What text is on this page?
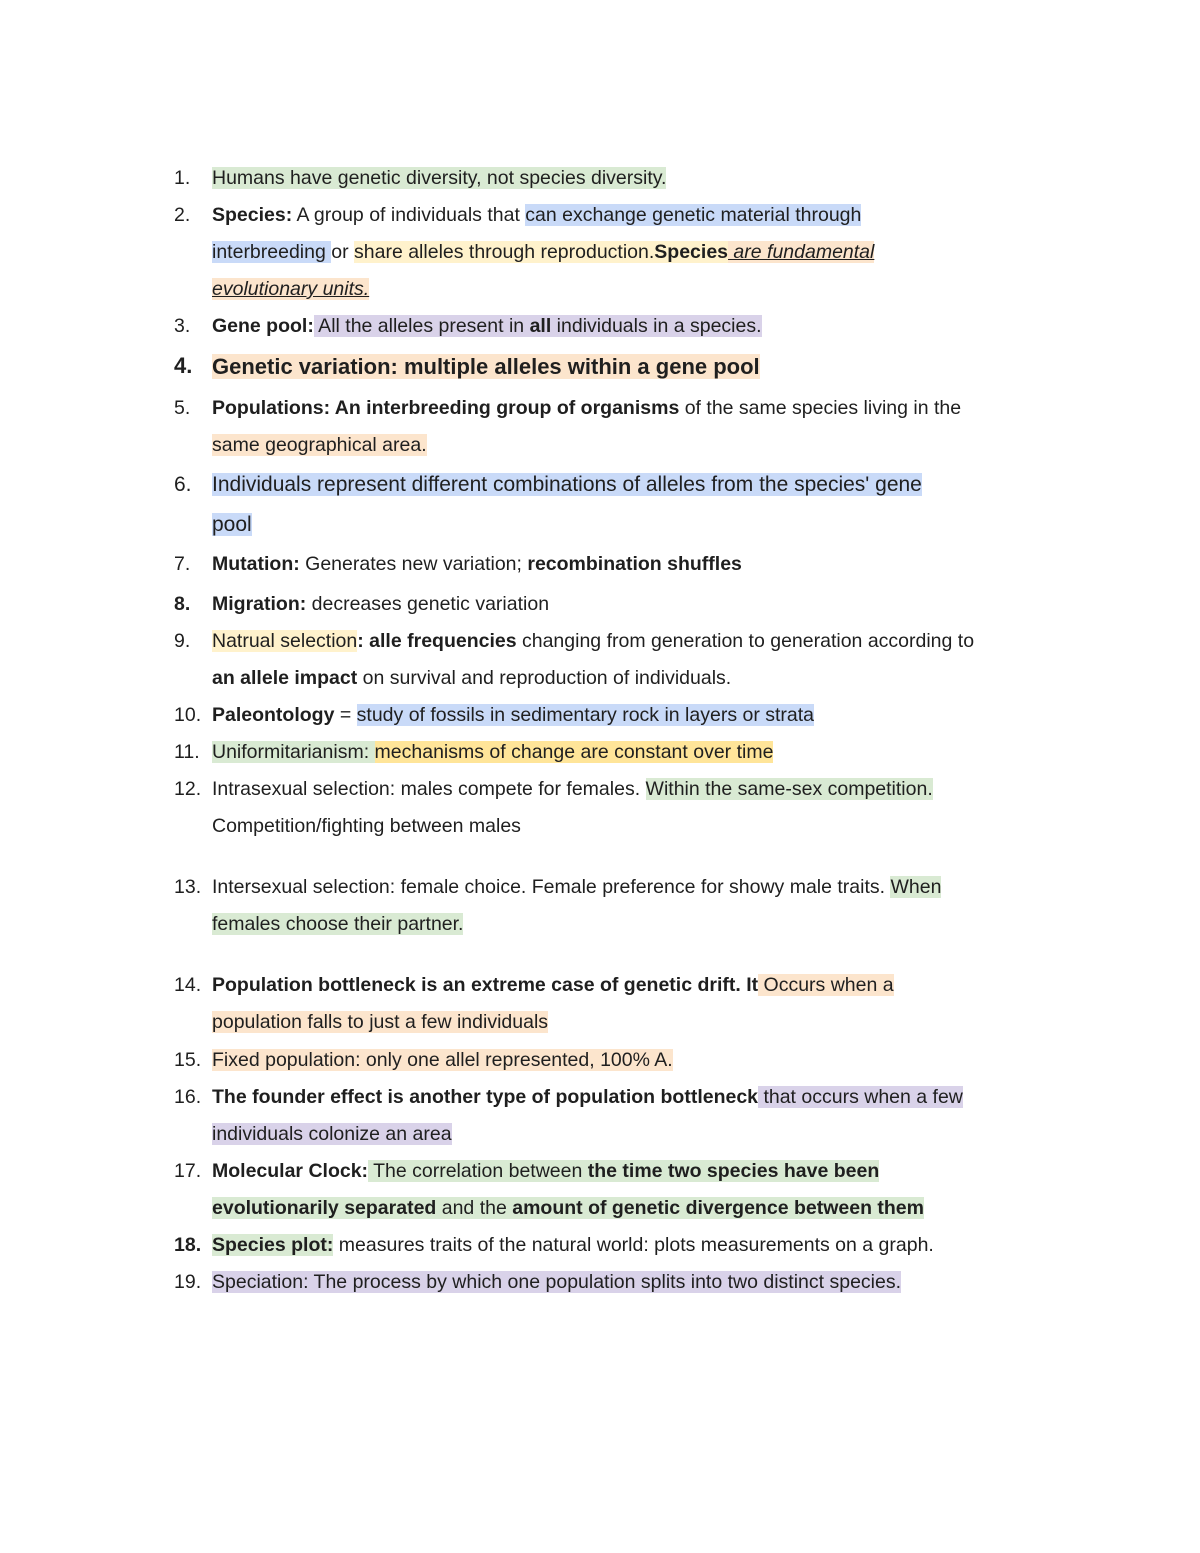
1.	Humans have genetic diversity, not species diversity.
2.	Species: A group of individuals that can exchange genetic material through
interbreeding or share alleles through reproduction.Species are fundamental
evolutionary units.
3.	Gene pool: All the alleles present in all individuals in a species.
4. Genetic variation: multiple alleles within a gene pool
5.	Populations: An interbreeding group of organisms of the same species living in the
same geographical area.
6. Individuals represent different combinations of alleles from the species' gene
pool
7.	Mutation: Generates new variation; recombination shuffles
8.	Migration: decreases genetic variation
9.	Natrual selection: alle frequencies changing from generation to generation according to
an allele impact on survival and reproduction of individuals.
10. Paleontology = study of fossils in sedimentary rock in layers or strata
11. Uniformitarianism: mechanisms of change are constant over time
12. Intrasexual selection: males compete for females. Within the same-sex competition.
Competition/fighting between males
13. Intersexual selection: female choice. Female preference for showy male traits. When
females choose their partner.
14. Population bottleneck is an extreme case of genetic drift. It Occurs when a
population falls to just a few individuals
15. Fixed population: only one allel represented, 100% A.
16. The founder effect is another type of population bottleneck that occurs when a few
individuals colonize an area
17. Molecular Clock: The correlation between the time two species have been
evolutionarily separated and the amount of genetic divergence between them
18. Species plot: measures traits of the natural world: plots measurements on a graph.
19. Speciation: The process by which one population splits into two distinct species.
